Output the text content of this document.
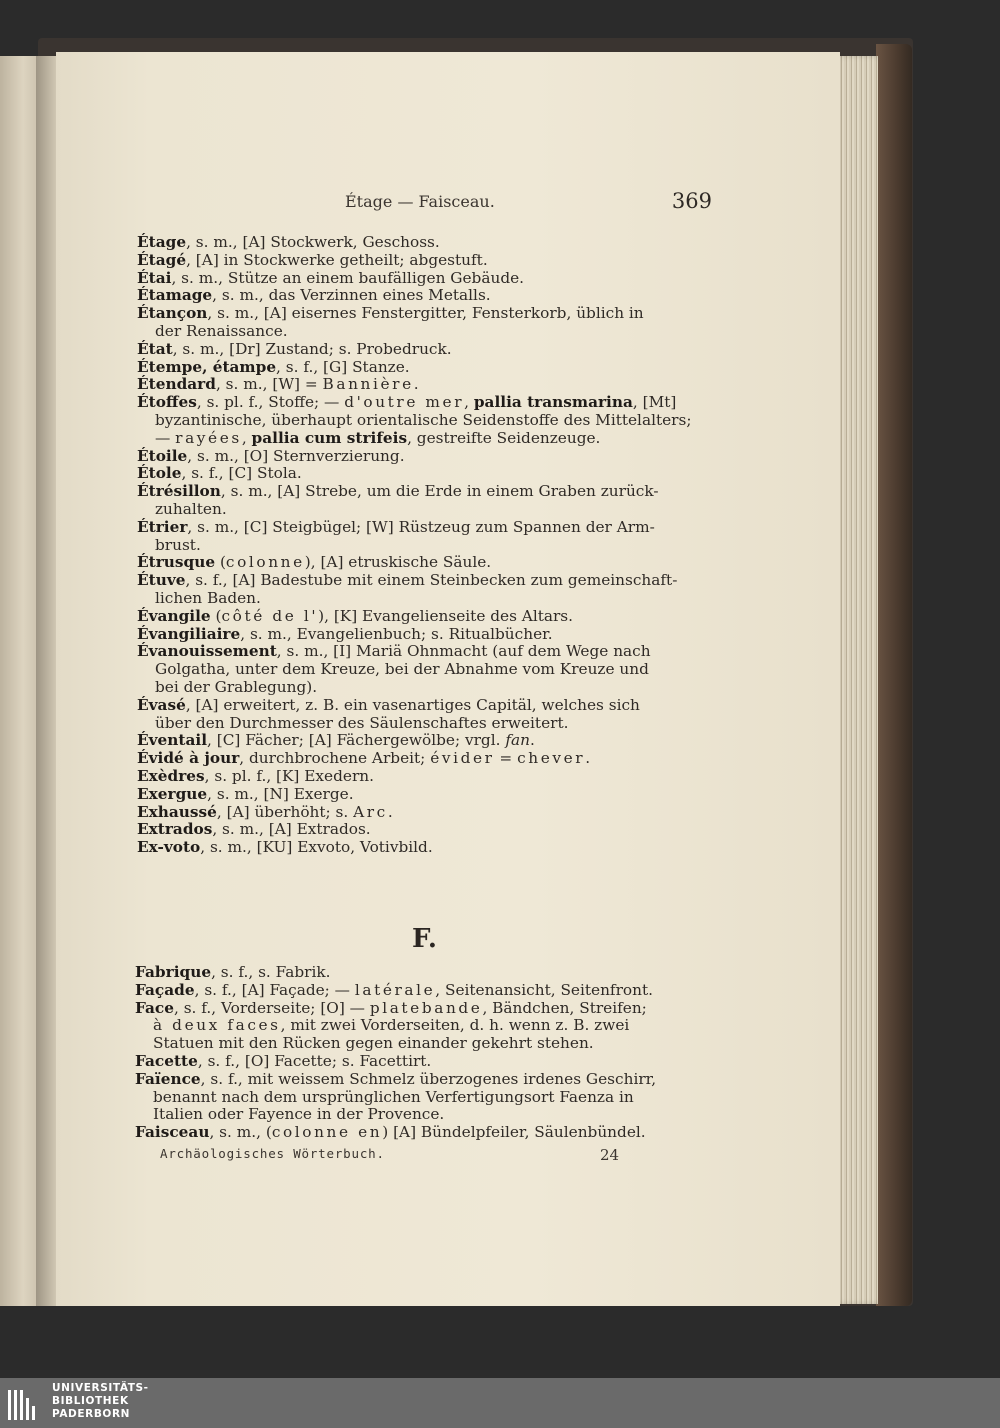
Étage — Faisceau.	369
Étage, s. m., [A] Stockwerk, Geschoss.
Étagé, [A] in Stockwerke getheilt; abgestuft.
Étai, s. m., Stütze an einem baufälligen Gebäude.
Étamage, s. m., das Verzinnen eines Metalls.
Étançon, s. m., [A] eisernes Fenstergitter, Fensterkorb, üblich in
der Renaissance.
État, s. m., [Dr] Zustand; s. Probedruck.
Étempe, étampe, s. f., [G] Stanze.
Étendard, s. m., [W] = Bannière.
Étoffes, s. pl. f., Stoffe; — d'outre mer, pallia transmarina, [Mt]
byzantinische, überhaupt orientalische Seidenstoffe des Mittelalters;
— rayées, pallia cum strifeis, gestreifte Seidenzeuge.
Étoile, s. m., [O] Sternverzierung.
Étole, s. f., [C] Stola.
Étrésillon, s. m., [A] Strebe, um die Erde in einem Graben zurück-
zuhalten.
Étrier, s. m., [C] Steigbügel; [W] Rüstzeug zum Spannen der Arm-
brust.
Étrusque (colonne), [A] etruskische Säule.
Étuve, s. f., [A] Badestube mit einem Steinbecken zum gemeinschaft-
lichen Baden.
Évangile (côté de l'), [K] Evangelienseite des Altars.
Évangiliaire, s. m., Evangelienbuch; s. Ritualbücher.
Évanouissement, s. m., [I] Mariä Ohnmacht (auf dem Wege nach
Golgatha, unter dem Kreuze, bei der Abnahme vom Kreuze und
bei der Grablegung).
Évasé, [A] erweitert, z. B. ein vasenartiges Capitäl, welches sich
über den Durchmesser des Säulenschaftes erweitert.
Éventail, [C] Fächer; [A] Fächergewölbe; vrgl. fan.
Évidé à jour, durchbrochene Arbeit; évider = chever.
Exèdres, s. pl. f., [K] Exedern.
Exergue, s. m., [N] Exerge.
Exhaussé, [A] überhöht; s. Arc.
Extrados, s. m., [A] Extrados.
Ex-voto, s. m., [KU] Exvoto, Votivbild.
F.
Fabrique, s. f., s. Fabrik.
Façade, s. f., [A] Façade; — latérale, Seitenansicht, Seitenfront.
Face, s. f., Vorderseite; [O] — platebande, Bändchen, Streifen;
à deux faces, mit zwei Vorderseiten, d. h. wenn z. B. zwei
Statuen mit den Rücken gegen einander gekehrt stehen.
Facette, s. f., [O] Facette; s. Facettirt.
Faïence, s. f., mit weissem Schmelz überzogenes irdenes Geschirr,
benannt nach dem ursprünglichen Verfertigungsort Faenza in
Italien oder Fayence in der Provence.
Faisceau, s. m., (colonne en) [A] Bündelpfeiler, Säulenbündel.
Archäologisches Wörterbuch.	24
UNIVERSITÄTS-
BIBLIOTHEK
PADERBORN
